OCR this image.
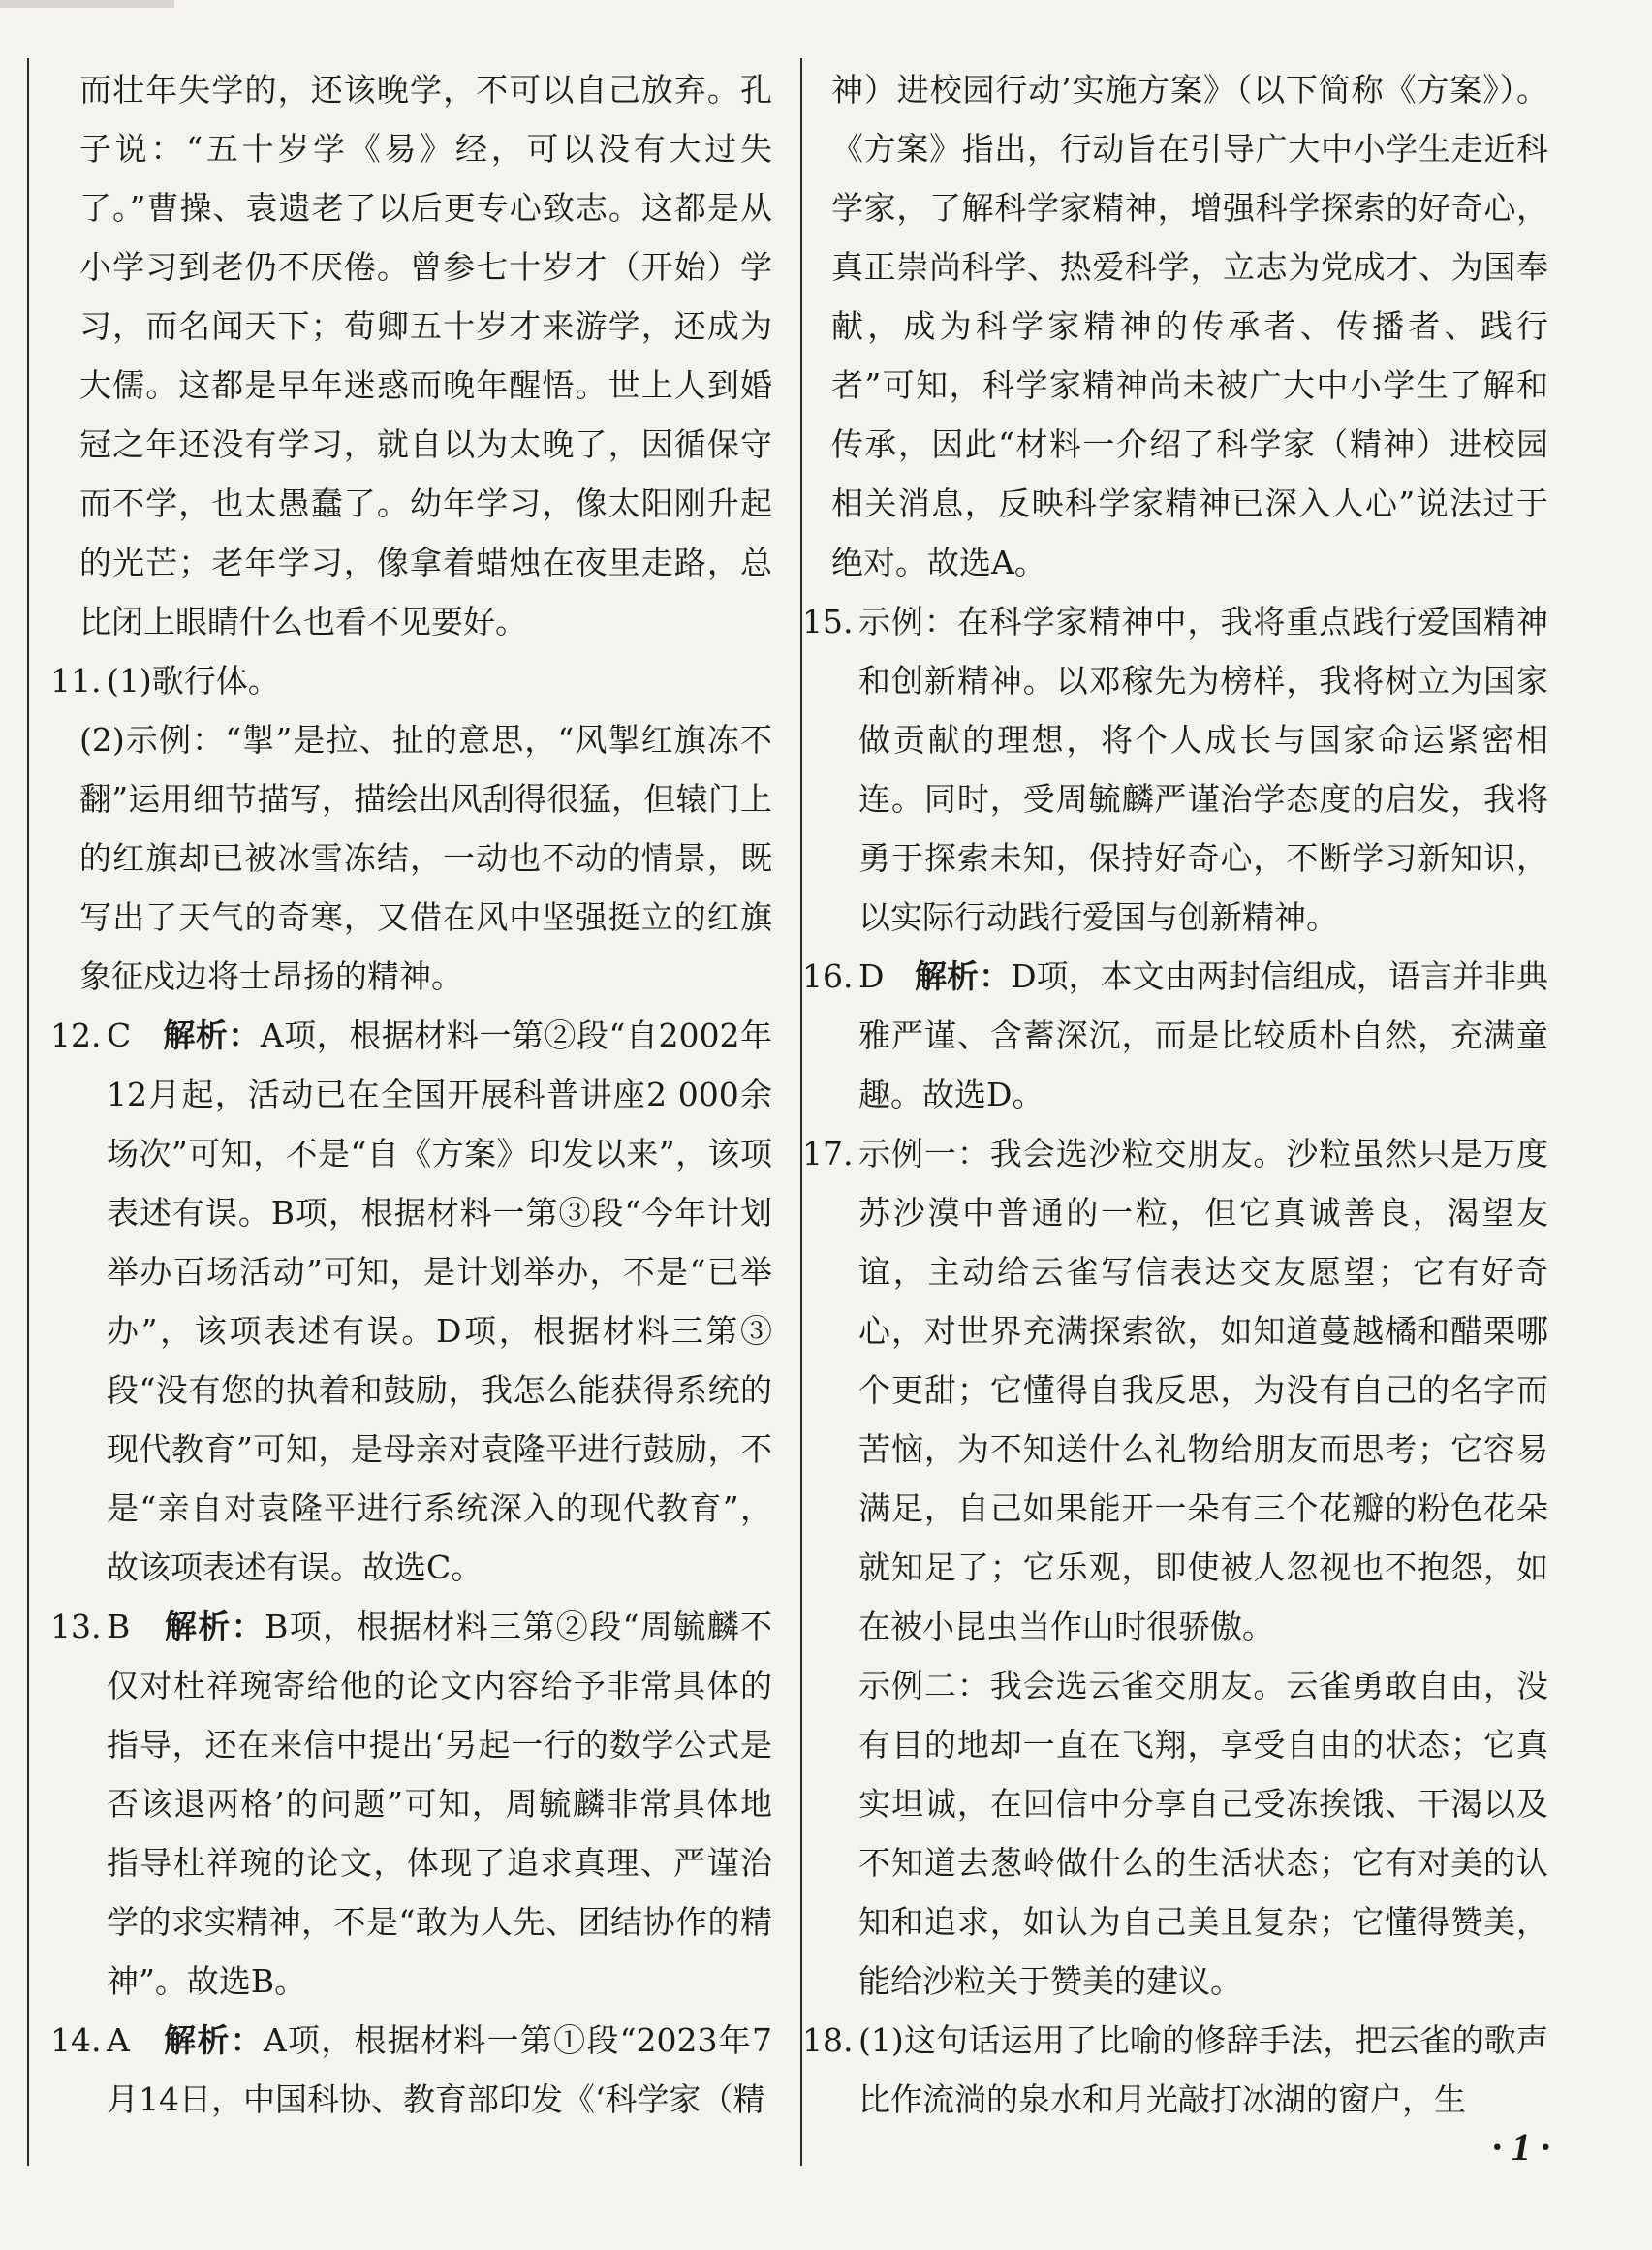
而壮年失学的，还该晚学，不可以自己放弃。孔子说：“五十岁学《易》经，可以没有大过失了。”曹操、袁遗老了以后更专心致志。这都是从小学习到老仍不厌倦。曾参七十岁才（开始）学习，而名闻天下；荀卿五十岁才来游学，还成为大儒。这都是早年迷惑而晚年醒悟。世上人到婚冠之年还没有学习，就自以为太晚了，因循保守而不学，也太愚蠢了。幼年学习，像太阳刚升起的光芒；老年学习，像拿着蜡烛在夜里走路，总比闭上眼睛什么也看不见要好。

11. (1)歌行体。

(2)示例：“掣”是拉、扯的意思，“风掣红旗冻不翻”运用细节描写，描绘出风刮得很猛，但辕门上的红旗却已被冰雪冻结，一动也不动的情景，既写出了天气的奇寒，又借在风中坚强挺立的红旗象征戍边将士昂扬的精神。

12. C 解析：A项，根据材料一第②段“自2002年12月起，活动已在全国开展科普讲座2 000余场次”可知，不是“自《方案》印发以来”，该项表述有误。B项，根据材料一第③段“今年计划举办百场活动”可知，是计划举办，不是“已举办”，该项表述有误。D项，根据材料三第③段“没有您的执着和鼓励，我怎么能获得系统的现代教育”可知，是母亲对袁隆平进行鼓励，不是“亲自对袁隆平进行系统深入的现代教育”，故该项表述有误。故选C。

13. B 解析：B项，根据材料三第②段“周毓麟不仅对杜祥琬寄给他的论文内容给予非常具体的指导，还在来信中提出‘另起一行的数学公式是否该退两格’的问题”可知，周毓麟非常具体地指导杜祥琬的论文，体现了追求真理、严谨治学的求实精神，不是“敢为人先、团结协作的精神”。故选B。

14. A 解析：A项，根据材料一第①段“2023年7月14日，中国科协、教育部印发《‘科学家（精

神）进校园行动’实施方案》（以下简称《方案》）。《方案》指出，行动旨在引导广大中小学生走近科学家，了解科学家精神，增强科学探索的好奇心，真正崇尚科学、热爱科学，立志为党成才、为国奉献，成为科学家精神的传承者、传播者、践行者”可知，科学家精神尚未被广大中小学生了解和传承，因此“材料一介绍了科学家（精神）进校园相关消息，反映科学家精神已深入人心”说法过于绝对。故选A。

15. 示例：在科学家精神中，我将重点践行爱国精神和创新精神。以邓稼先为榜样，我将树立为国家做贡献的理想，将个人成长与国家命运紧密相连。同时，受周毓麟严谨治学态度的启发，我将勇于探索未知，保持好奇心，不断学习新知识，以实际行动践行爱国与创新精神。

16. D 解析：D项，本文由两封信组成，语言并非典雅严谨、含蓄深沉，而是比较质朴自然，充满童趣。故选D。

17. 示例一：我会选沙粒交朋友。沙粒虽然只是万度苏沙漠中普通的一粒，但它真诚善良，渴望友谊，主动给云雀写信表达交友愿望；它有好奇心，对世界充满探索欲，如知道蔓越橘和醋栗哪个更甜；它懂得自我反思，为没有自己的名字而苦恼，为不知送什么礼物给朋友而思考；它容易满足，自己如果能开一朵有三个花瓣的粉色花朵就知足了；它乐观，即使被人忽视也不抱怨，如在被小昆虫当作山时很骄傲。

示例二：我会选云雀交朋友。云雀勇敢自由，没有目的地却一直在飞翔，享受自由的状态；它真实坦诚，在回信中分享自己受冻挨饿、干渴以及不知道去葱岭做什么的生活状态；它有对美的认知和追求，如认为自己美且复杂；它懂得赞美，能给沙粒关于赞美的建议。

18. (1)这句话运用了比喻的修辞手法，把云雀的歌声比作流淌的泉水和月光敲打冰湖的窗户，生

· 1 ·
